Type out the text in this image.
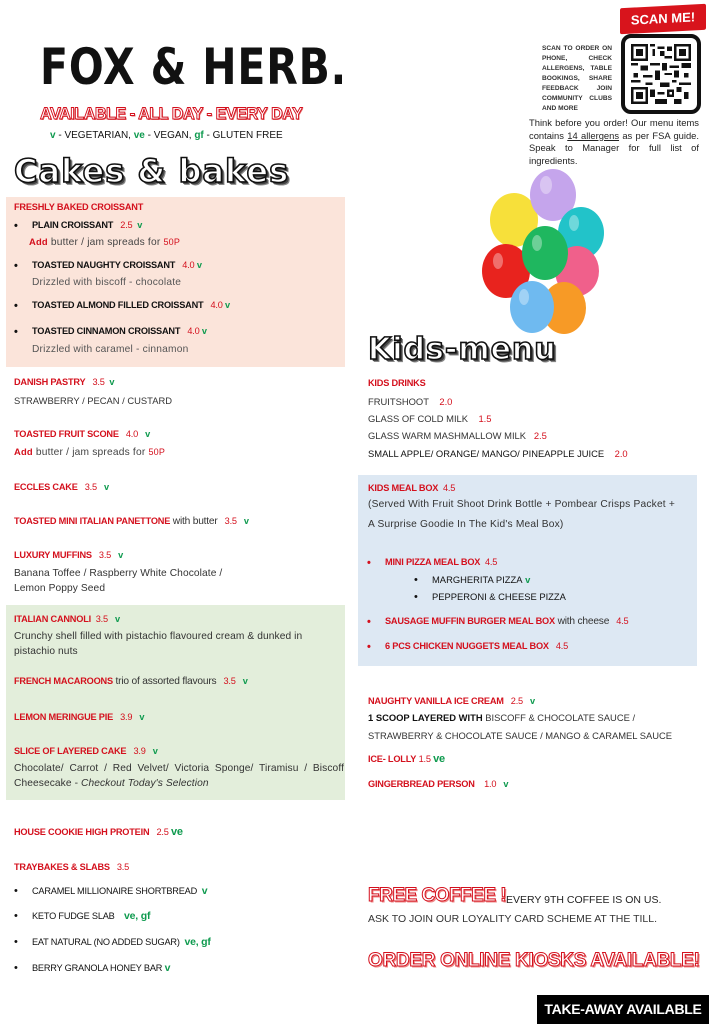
FOX & HERB.
AVAILABLE - ALL DAY - EVERY DAY
v - VEGETARIAN, ve - VEGAN, gf - GLUTEN FREE
SCAN TO ORDER ON PHONE, CHECK ALLERGENS, TABLE BOOKINGS, SHARE FEEDBACK JOIN COMMUNITY CLUBS AND MORE
SCAN ME!
Think before you order! Our menu items contains 14 allergens as per FSA guide. Speak to Manager for full list of ingredients.
Cakes & bakes
FRESHLY BAKED CROISSANT
• PLAIN CROISSANT 2.5 v
Add butter / jam spreads for 50P
• TOASTED NAUGHTY CROISSANT 4.0 v
Drizzled with biscoff - chocolate
• TOASTED ALMOND FILLED CROISSANT 4.0 v
• TOASTED CINNAMON CROISSANT 4.0 v
Drizzled with caramel - cinnamon
DANISH PASTRY 3.5 v
STRAWBERRY / PECAN / CUSTARD
TOASTED FRUIT SCONE 4.0 v
Add butter / jam spreads for 50P
ECCLES CAKE 3.5 v
TOASTED MINI ITALIAN PANETTONE with butter 3.5 v
LUXURY MUFFINS 3.5 v
Banana Toffee / Raspberry White Chocolate /
Lemon Poppy Seed
ITALIAN CANNOLI 3.5 v
Crunchy shell filled with pistachio flavoured cream & dunked in pistachio nuts
FRENCH MACAROONS trio of assorted flavours 3.5 v
LEMON MERINGUE PIE 3.9 v
SLICE OF LAYERED CAKE 3.9 v
Chocolate/ Carrot / Red Velvet/ Victoria Sponge/ Tiramisu / Biscoff Cheesecake - Checkout Today's Selection
HOUSE COOKIE HIGH PROTEIN 2.5 ve
TRAYBAKES & SLABS 3.5
• CARAMEL MILLIONAIRE SHORTBREAD v
• KETO FUDGE SLAB ve, gf
• EAT NATURAL (NO ADDED SUGAR) ve, gf
• BERRY GRANOLA HONEY BAR v
Kids-menu
KIDS DRINKS
FRUITSHOOT 2.0
GLASS OF COLD MILK 1.5
GLASS WARM MASHMALLOW MILK 2.5
SMALL APPLE/ ORANGE/ MANGO/ PINEAPPLE JUICE 2.0
KIDS MEAL BOX 4.5
(Served With Fruit Shoot Drink Bottle + Pombear Crisps Packet +
A Surprise Goodie In The Kid's Meal Box)
• MINI PIZZA MEAL BOX 4.5
• MARGHERITA PIZZA v
• PEPPERONI & CHEESE PIZZA
• SAUSAGE MUFFIN BURGER MEAL BOX with cheese 4.5
• 6 PCS CHICKEN NUGGETS MEAL BOX 4.5
NAUGHTY VANILLA ICE CREAM 2.5 v
1 SCOOP LAYERED WITH BISCOFF & CHOCOLATE SAUCE /
STRAWBERRY & CHOCOLATE SAUCE / MANGO & CARAMEL SAUCE
ICE- LOLLY 1.5 ve
GINGERBREAD PERSON 1.0 v
FREE COFFEE ! EVERY 9TH COFFEE IS ON US.
ASK TO JOIN OUR LOYALITY CARD SCHEME AT THE TILL.
ORDER ONLINE KIOSKS AVAILABLE!
TAKE-AWAY AVAILABLE
